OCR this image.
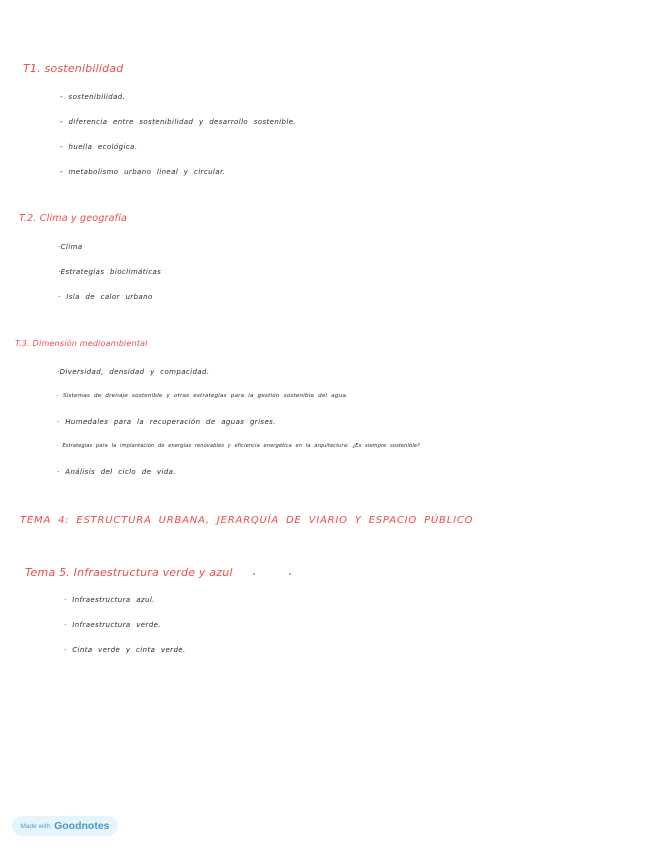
T1. sostenibilidad
- sostenibilidad.
- diferencia entre sostenibilidad y desarrollo sostenible.
- huella ecológica.
- metabolismo urbano lineal y circular.
T.2. Clima y geografía
·Clima
·Estrategias bioclimáticas
· Isla de calor urbano
T.3. Dimensión medioambiental
·Diversidad, densidad y compacidad.
· Sistemas de drenaje sostenible y otras estrategias para la gestión sostenible del agua.
· Humedales para la recuperación de aguas grises.
· Estrategias para la implantación de energías renovables y eficiencia energética en la arquitectura: ¿Es siempre sostenible?
· Análisis del ciclo de vida.
TEMA 4: ESTRUCTURA URBANA, JERARQUÍA DE VIARIO Y ESPACIO PÚBLICO
Tema 5. Infraestructura verde y azul
· Infraestructura azul.
· Infraestructura verde.
· Cinta verde y cinta verde.
Made with Goodnotes
